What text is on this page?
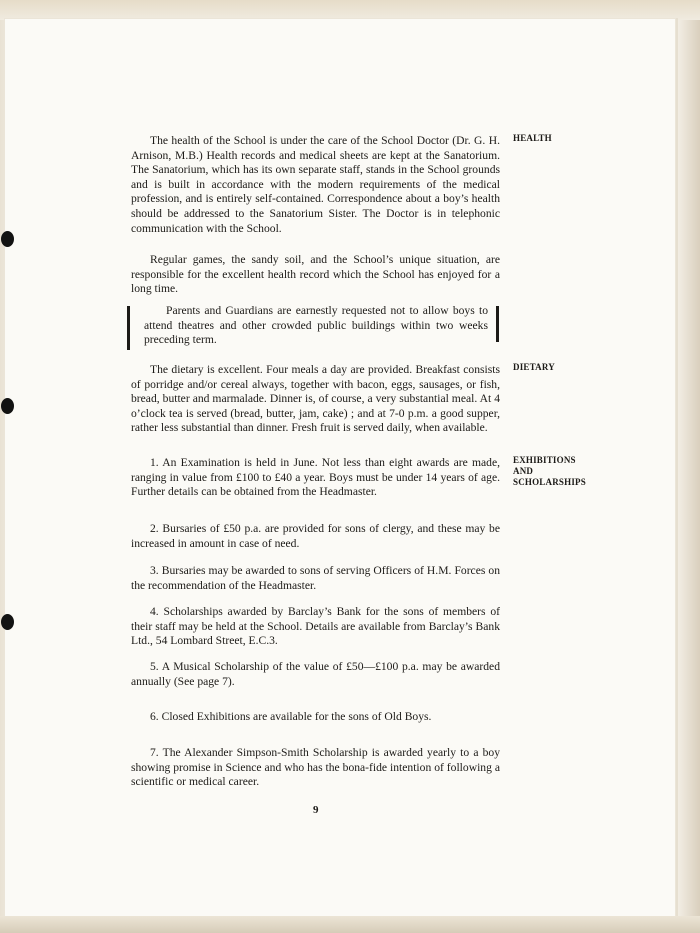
HEALTH
DIETARY
EXHIBITIONS
AND
SCHOLARSHIPS

The health of the School is under the care of the School Doctor (Dr. G. H. Arnison, M.B.) Health records and medical sheets are kept at the Sanatorium. The Sanatorium, which has its own separate staff, stands in the School grounds and is built in accordance with the modern requirements of the medical profession, and is entirely self-contained. Correspondence about a boy’s health should be addressed to the Sanatorium Sister. The Doctor is in telephonic communication with the School.

Regular games, the sandy soil, and the School’s unique situation, are responsible for the excellent health record which the School has enjoyed for a long time.

Parents and Guardians are earnestly requested not to allow boys to attend theatres and other crowded public buildings within two weeks preceding term.

The dietary is excellent. Four meals a day are provided. Breakfast consists of porridge and/or cereal always, together with bacon, eggs, sausages, or fish, bread, butter and marmalade. Dinner is, of course, a very substantial meal. At 4 o’clock tea is served (bread, butter, jam, cake) ; and at 7-0 p.m. a good supper, rather less substantial than dinner. Fresh fruit is served daily, when available.

1. An Examination is held in June. Not less than eight awards are made, ranging in value from £100 to £40 a year. Boys must be under 14 years of age. Further details can be obtained from the Headmaster.

2. Bursaries of £50 p.a. are provided for sons of clergy, and these may be increased in amount in case of need.

3. Bursaries may be awarded to sons of serving Officers of H.M. Forces on the recommendation of the Headmaster.

4. Scholarships awarded by Barclay’s Bank for the sons of members of their staff may be held at the School. Details are available from Barclay’s Bank Ltd., 54 Lombard Street, E.C.3.

5. A Musical Scholarship of the value of £50—£100 p.a. may be awarded annually (See page 7).

6. Closed Exhibitions are available for the sons of Old Boys.

7. The Alexander Simpson-Smith Scholarship is awarded yearly to a boy showing promise in Science and who has the bona-fide intention of following a scientific or medical career.

9
